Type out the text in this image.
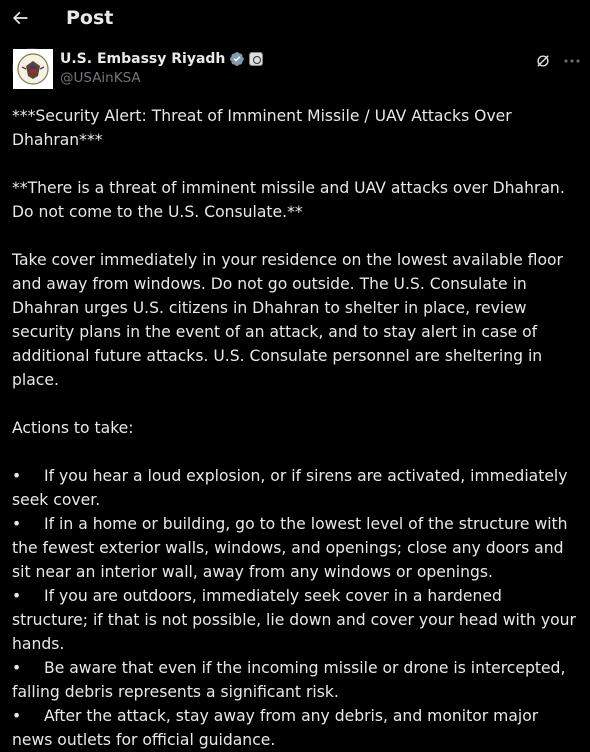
Post
U.S. Embassy Riyadh
@USAinKSA

***Security Alert: Threat of Imminent Missile / UAV Attacks Over Dhahran***

**There is a threat of imminent missile and UAV attacks over Dhahran. Do not come to the U.S. Consulate.**

Take cover immediately in your residence on the lowest available floor and away from windows. Do not go outside. The U.S. Consulate in Dhahran urges U.S. citizens in Dhahran to shelter in place, review security plans in the event of an attack, and to stay alert in case of additional future attacks. U.S. Consulate personnel are sheltering in place.

Actions to take:
• If you hear a loud explosion, or if sirens are activated, immediately seek cover.
• If in a home or building, go to the lowest level of the structure with the fewest exterior walls, windows, and openings; close any doors and sit near an interior wall, away from any windows or openings.
• If you are outdoors, immediately seek cover in a hardened structure; if that is not possible, lie down and cover your head with your hands.
• Be aware that even if the incoming missile or drone is intercepted, falling debris represents a significant risk.
• After the attack, stay away from any debris, and monitor major news outlets for official guidance.
